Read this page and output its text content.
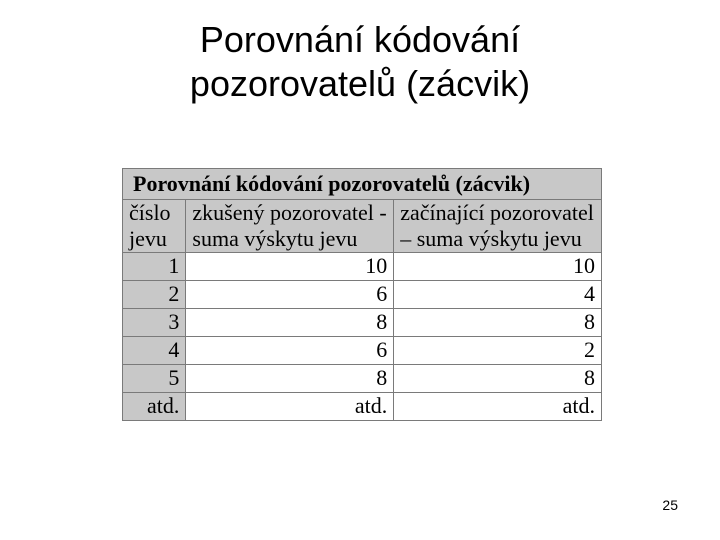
Porovnání kódování
pozorovatelů (zácvik)
Porovnání kódování pozorovatelů (zácvik)		
číslo jevu	zkušený pozorovatel - suma výskytu jevu	začínající pozorovatel – suma výskytu jevu
1	10	10
2	6	4
3	8	8
4	6	2
5	8	8
atd.	atd.	atd.
25
